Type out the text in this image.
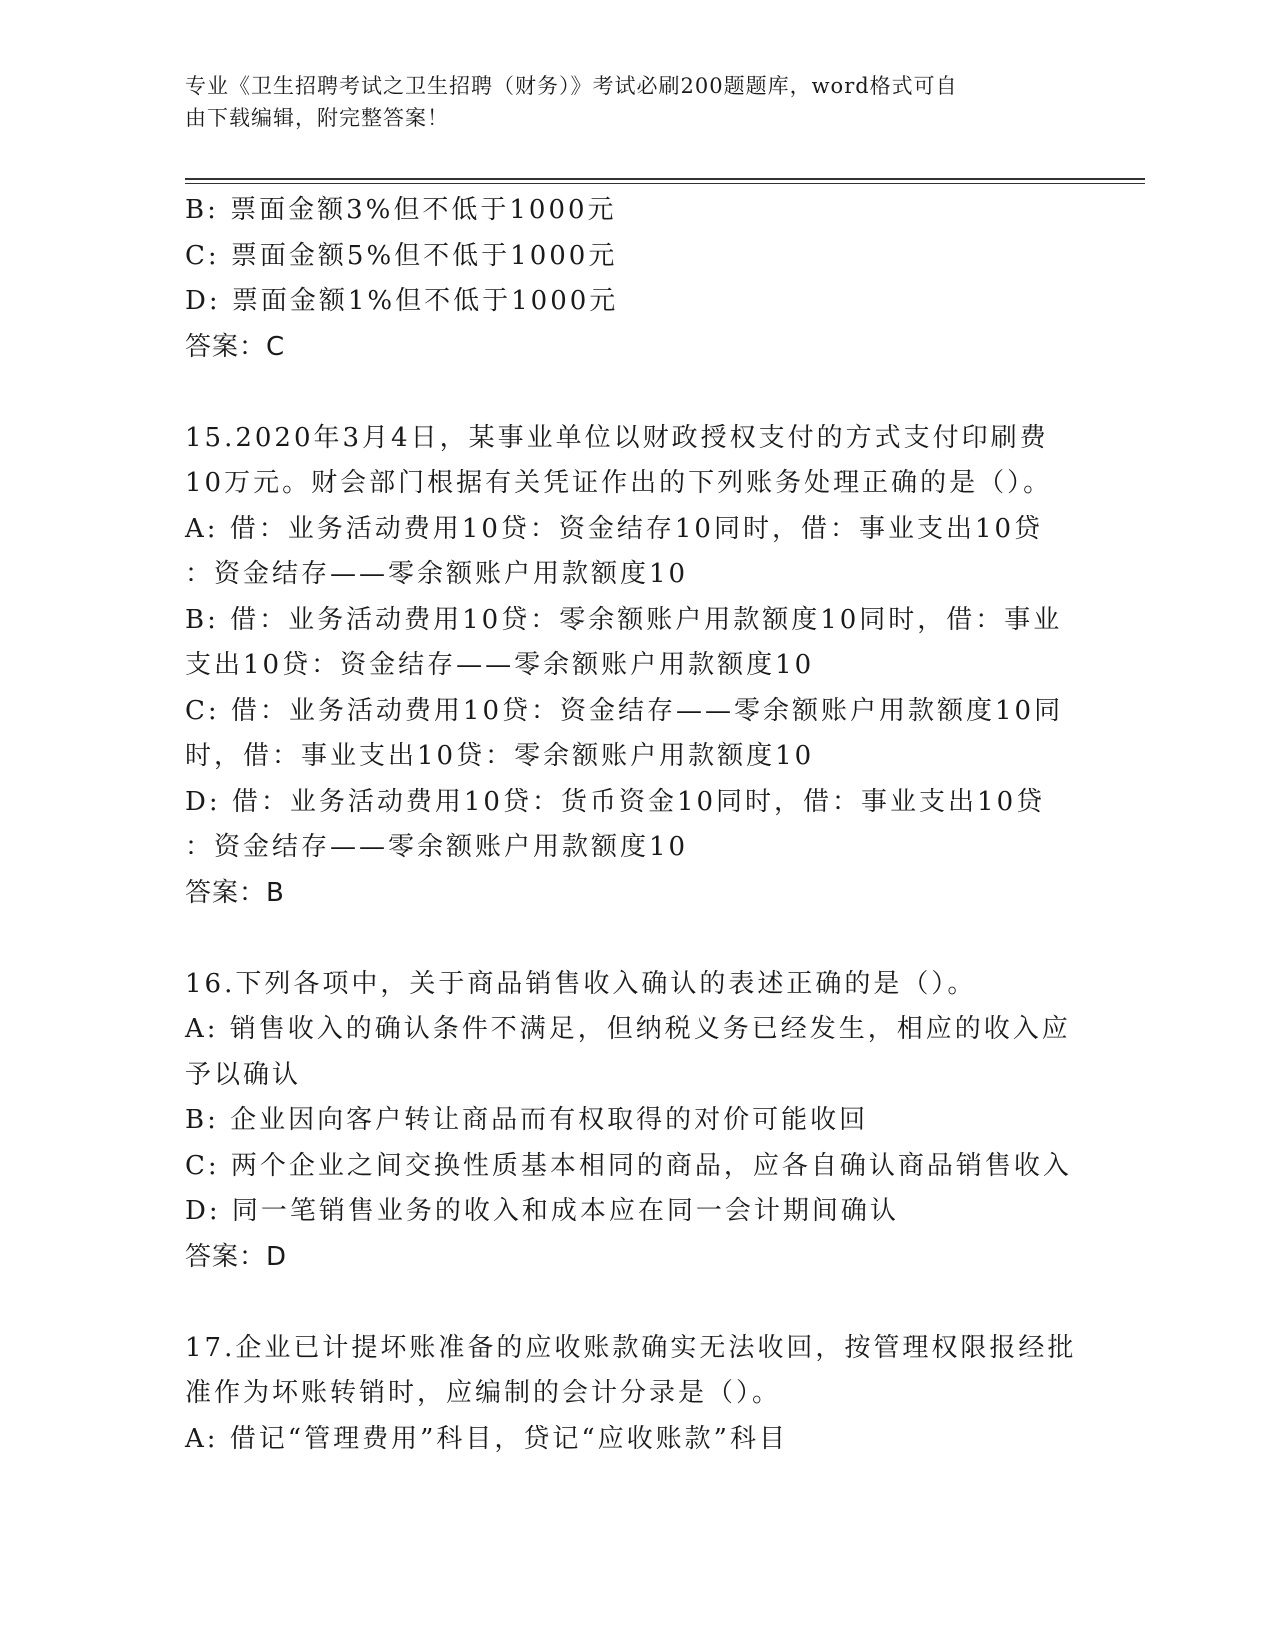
专业《卫生招聘考试之卫生招聘（财务）》考试必刷200题题库，word格式可自
由下载编辑，附完整答案！
B: 票面金额3%但不低于1000元
C: 票面金额5%但不低于1000元
D: 票面金额1%但不低于1000元
答案：C
15.2020年3月4日，某事业单位以财政授权支付的方式支付印刷费
10万元。财会部门根据有关凭证作出的下列账务处理正确的是（）。
A: 借：业务活动费用10贷：资金结存10同时，借：事业支出10贷
：资金结存——零余额账户用款额度10
B: 借：业务活动费用10贷：零余额账户用款额度10同时，借：事业
支出10贷：资金结存——零余额账户用款额度10
C: 借：业务活动费用10贷：资金结存——零余额账户用款额度10同
时，借：事业支出10贷：零余额账户用款额度10
D: 借：业务活动费用10贷：货币资金10同时，借：事业支出10贷
：资金结存——零余额账户用款额度10
答案：B
16.下列各项中，关于商品销售收入确认的表述正确的是（）。
A: 销售收入的确认条件不满足，但纳税义务已经发生，相应的收入应
予以确认
B: 企业因向客户转让商品而有权取得的对价可能收回
C: 两个企业之间交换性质基本相同的商品，应各自确认商品销售收入
D: 同一笔销售业务的收入和成本应在同一会计期间确认
答案：D
17.企业已计提坏账准备的应收账款确实无法收回，按管理权限报经批
准作为坏账转销时，应编制的会计分录是（）。
A: 借记“管理费用”科目，贷记“应收账款”科目
